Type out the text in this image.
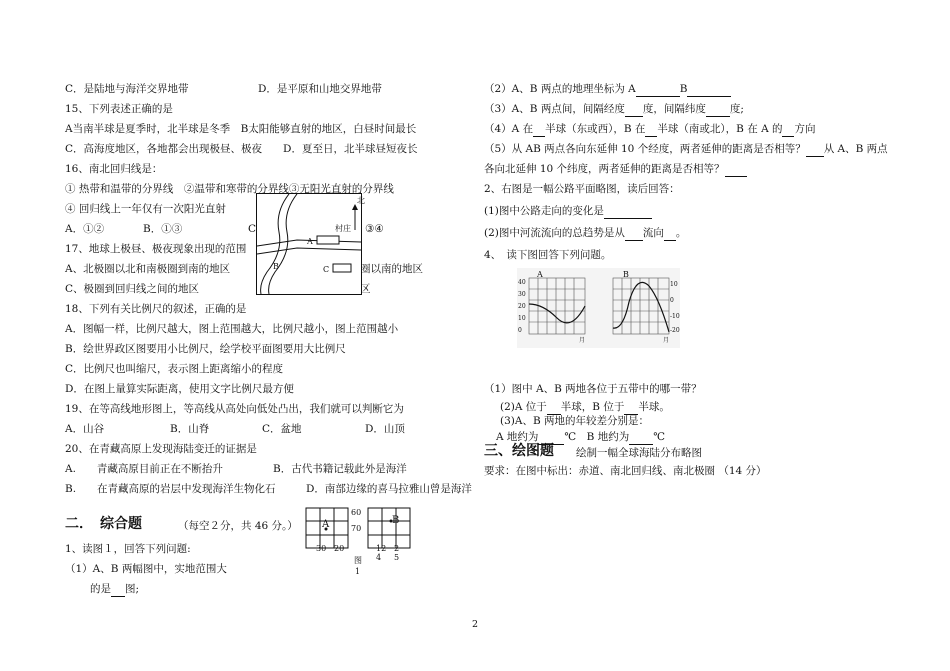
C．是陆地与海洋交界地带	D．是平原和山地交界地带
15、下列表述正确的是
A当南半球是夏季时，北半球是冬季　B太阳能够直射的地区，白昼时间最长
C．高海度地区，各地都会出现极昼、极夜　　D．夏至日，北半球昼短夜长
16、南北回归线是：
① 热带和温带的分界线　②温带和寒带的分界线③无阳光直射的分界线
④ 回归线上一年仅有一次阳光直射
A．①②	B．①③	C	③④
17、地球上极昼、极夜现象出现的范围
A、北极圈以北和南极圈到南的地区	圈以南的地区
C、极圈到回归线之间的地区	区
18、下列有关比例尺的叙述，正确的是
A．图幅一样，比例尺越大，图上范围越大，比例尺越小，图上范围越小
B．绘世界政区图要用小比例尺，绘学校平面图要用大比例尺
C．比例尺也叫缩尺，表示图上距离缩小的程度
D．在图上量算实际距离，使用文字比例尺最方便
19、在等高线地形图上，等高线从高处向低处凸出，我们就可以判断它为
A．山谷	B．山脊	C．盆地	D．山顶
20、在青藏高原上发现海陆变迁的证据是
A.　　青藏高原目前正在不断抬升	B．古代书籍记载此外是海洋
B.　　在青藏高原的岩层中发现海洋生物化石	D．南部边缘的喜马拉雅山曾是海洋
二．　综合题	（每空２分，共 46 分。）
1、读图１，回答下列问题:
（1）A、B 两幅图中，实地范围大
的是 图;
北
村庄
A
B	C
A	B
60
70
30 20	12 2
4 5
图
1
（2）A、B 两点的地理坐标为 A	B
（3）A、B 两点间，间隔经度 度，间隔纬度 度;
（4）A 在 半球（东或西），B 在 半球（南或北），B 在 A 的 方向
（5）从 AB 两点各向东延伸 10 个经度，两者延伸的距离是否相等？ 从 A、B 两点
各向北延伸 10 个纬度，两者延伸的距离是否相等？
2、右图是一幅公路平面略图，读后回答：
(1)图中公路走向的变化是
(2)图中河流流向的总趋势是从 流向 。
4、　读下图回答下列问题。
A	B
40
30
20
10
0
10
0
-10
-20
月	月
（1）图中 A、B 两地各位于五带中的哪一带？
(2)A 位于 半球，B 位于 半球。
(3)A、B 两地的年较差分别是：
A 地约为 ℃　B 地约为 ℃
三、绘图题 绘制一幅全球海陆分布略图
要求：在图中标出：赤道、南北回归线、南北极圈 （14 分）
2
